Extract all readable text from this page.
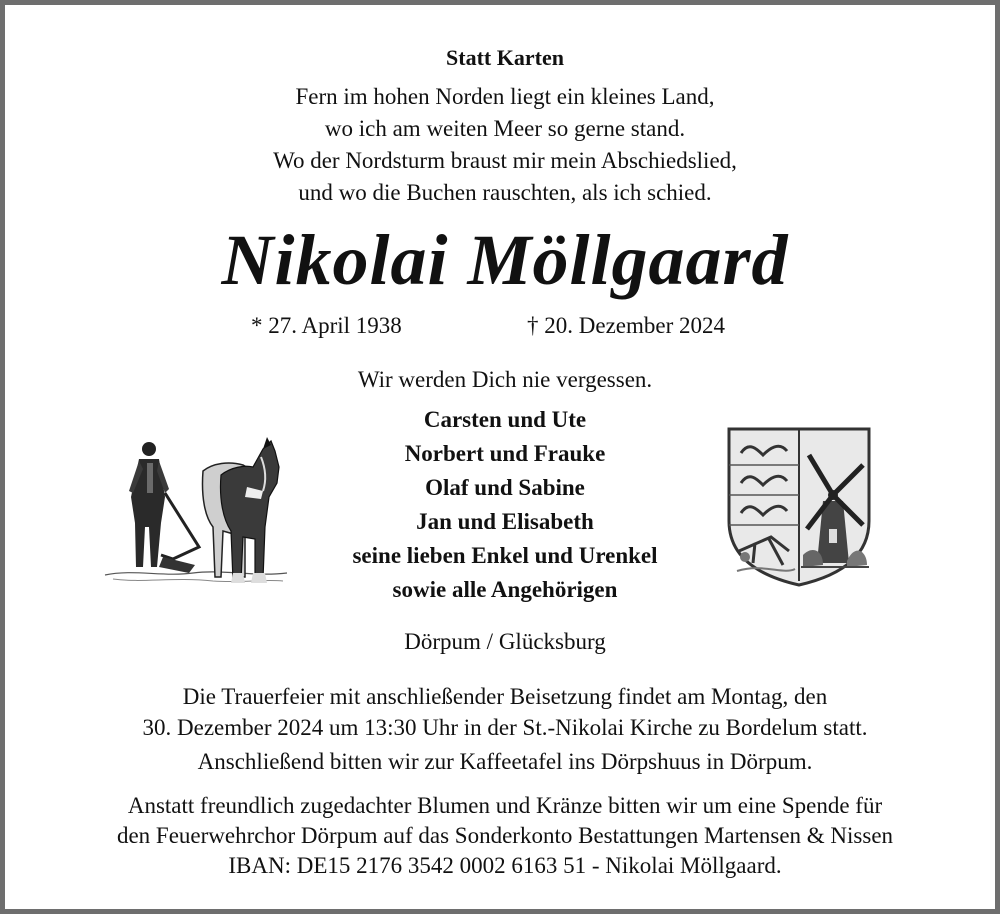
Statt Karten
Fern im hohen Norden liegt ein kleines Land,
wo ich am weiten Meer so gerne stand.
Wo der Nordsturm braust mir mein Abschiedslied,
und wo die Buchen rauschten, als ich schied.
Nikolai Möllgaard
* 27. April 1938	† 20. Dezember 2024
Wir werden Dich nie vergessen.
Carsten und Ute
Norbert und Frauke
Olaf und Sabine
Jan und Elisabeth
seine lieben Enkel und Urenkel
sowie alle Angehörigen
Dörpum / Glücksburg
Die Trauerfeier mit anschließender Beisetzung findet am Montag, den
30. Dezember 2024 um 13:30 Uhr in der St.-Nikolai Kirche zu Bordelum statt.
Anschließend bitten wir zur Kaffeetafel ins Dörpshuus in Dörpum.
Anstatt freundlich zugedachter Blumen und Kränze bitten wir um eine Spende für
den Feuerwehrchor Dörpum auf das Sonderkonto Bestattungen Martensen & Nissen
IBAN: DE15 2176 3542 0002 6163 51 - Nikolai Möllgaard.
